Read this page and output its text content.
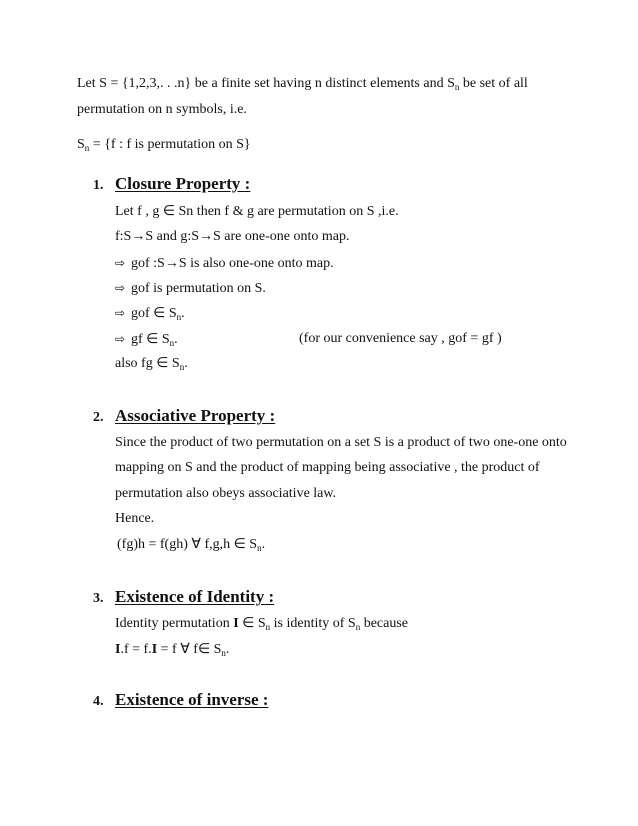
Let S = {1,2,3,. . .n} be a finite set having n distinct elements and $S_n$ be set of all
permutation on n symbols, i.e.
$S_n = \{f$ : f is permutation on S}
1. Closure Property :
Let f , g ∈ Sn then f & g are permutation on S ,i.e.
f:S→S and g:S→S are one-one onto map.
⇨ gof :S→S is also one-one onto map.
⇨ gof is permutation on S.
⇨ gof ∈ $S_n$.
⇨ gf ∈ $S_n$.	(for our convenience say , gof = gf )
also fg ∈ $S_n$.
2. Associative Property :
Since the product of two permutation on a set S is a product of two one-one onto
mapping on S and the product of mapping being associative , the product of
permutation also obeys associative law.
Hence.
(fg)h = f(gh) ∀ f,g,h ∈ $S_n$.
3. Existence of Identity :
Identity permutation I ∈ $S_n$ is identity of $S_n$ because
I.f = f.I = f ∀ f∈ $S_n$.
4. Existence of inverse :
